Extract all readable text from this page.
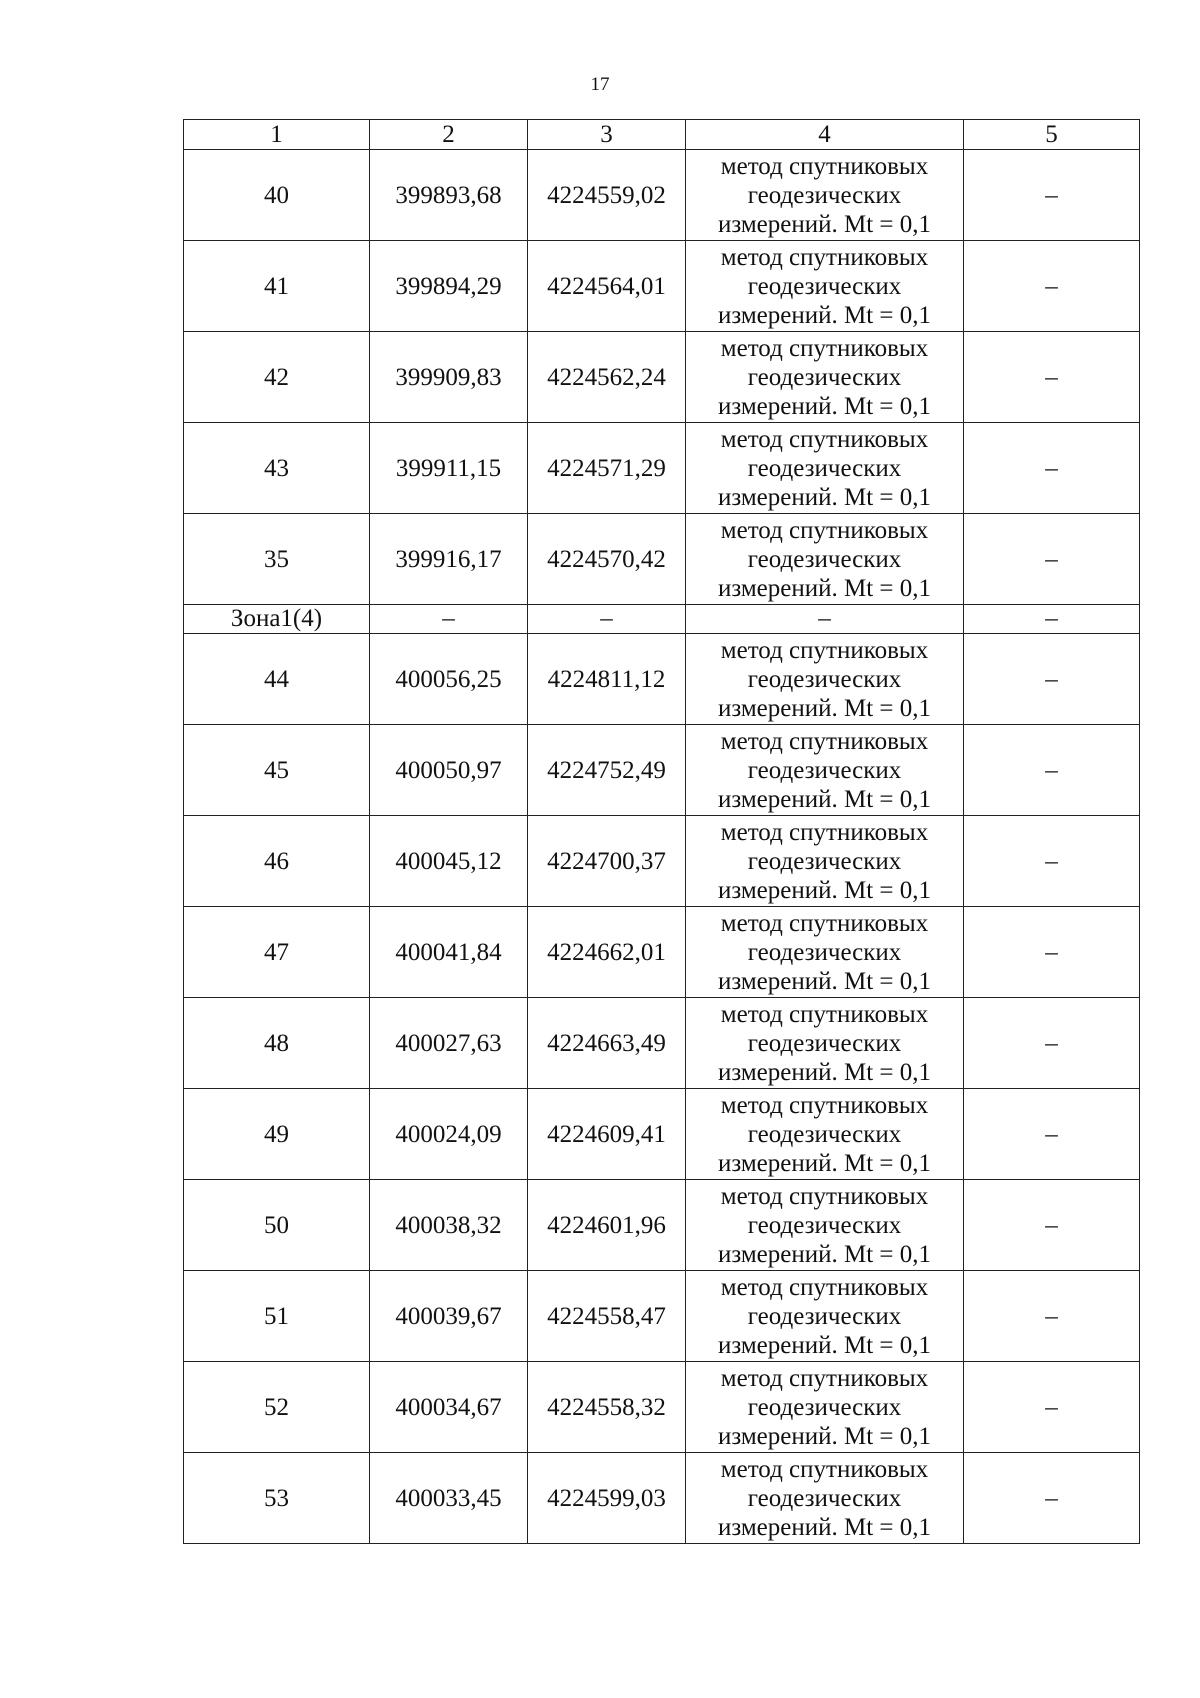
17
1	2	3	4	5
40	399893,68	4224559,02	метод спутниковых
геодезических
измерений. Mt = 0,1	–
41	399894,29	4224564,01	метод спутниковых
геодезических
измерений. Mt = 0,1	–
42	399909,83	4224562,24	метод спутниковых
геодезических
измерений. Mt = 0,1	–
43	399911,15	4224571,29	метод спутниковых
геодезических
измерений. Mt = 0,1	–
35	399916,17	4224570,42	метод спутниковых
геодезических
измерений. Mt = 0,1	–
Зона1(4)	–	–	–	–
44	400056,25	4224811,12	метод спутниковых
геодезических
измерений. Mt = 0,1	–
45	400050,97	4224752,49	метод спутниковых
геодезических
измерений. Mt = 0,1	–
46	400045,12	4224700,37	метод спутниковых
геодезических
измерений. Mt = 0,1	–
47	400041,84	4224662,01	метод спутниковых
геодезических
измерений. Mt = 0,1	–
48	400027,63	4224663,49	метод спутниковых
геодезических
измерений. Mt = 0,1	–
49	400024,09	4224609,41	метод спутниковых
геодезических
измерений. Mt = 0,1	–
50	400038,32	4224601,96	метод спутниковых
геодезических
измерений. Mt = 0,1	–
51	400039,67	4224558,47	метод спутниковых
геодезических
измерений. Mt = 0,1	–
52	400034,67	4224558,32	метод спутниковых
геодезических
измерений. Mt = 0,1	–
53	400033,45	4224599,03	метод спутниковых
геодезических
измерений. Mt = 0,1	–
